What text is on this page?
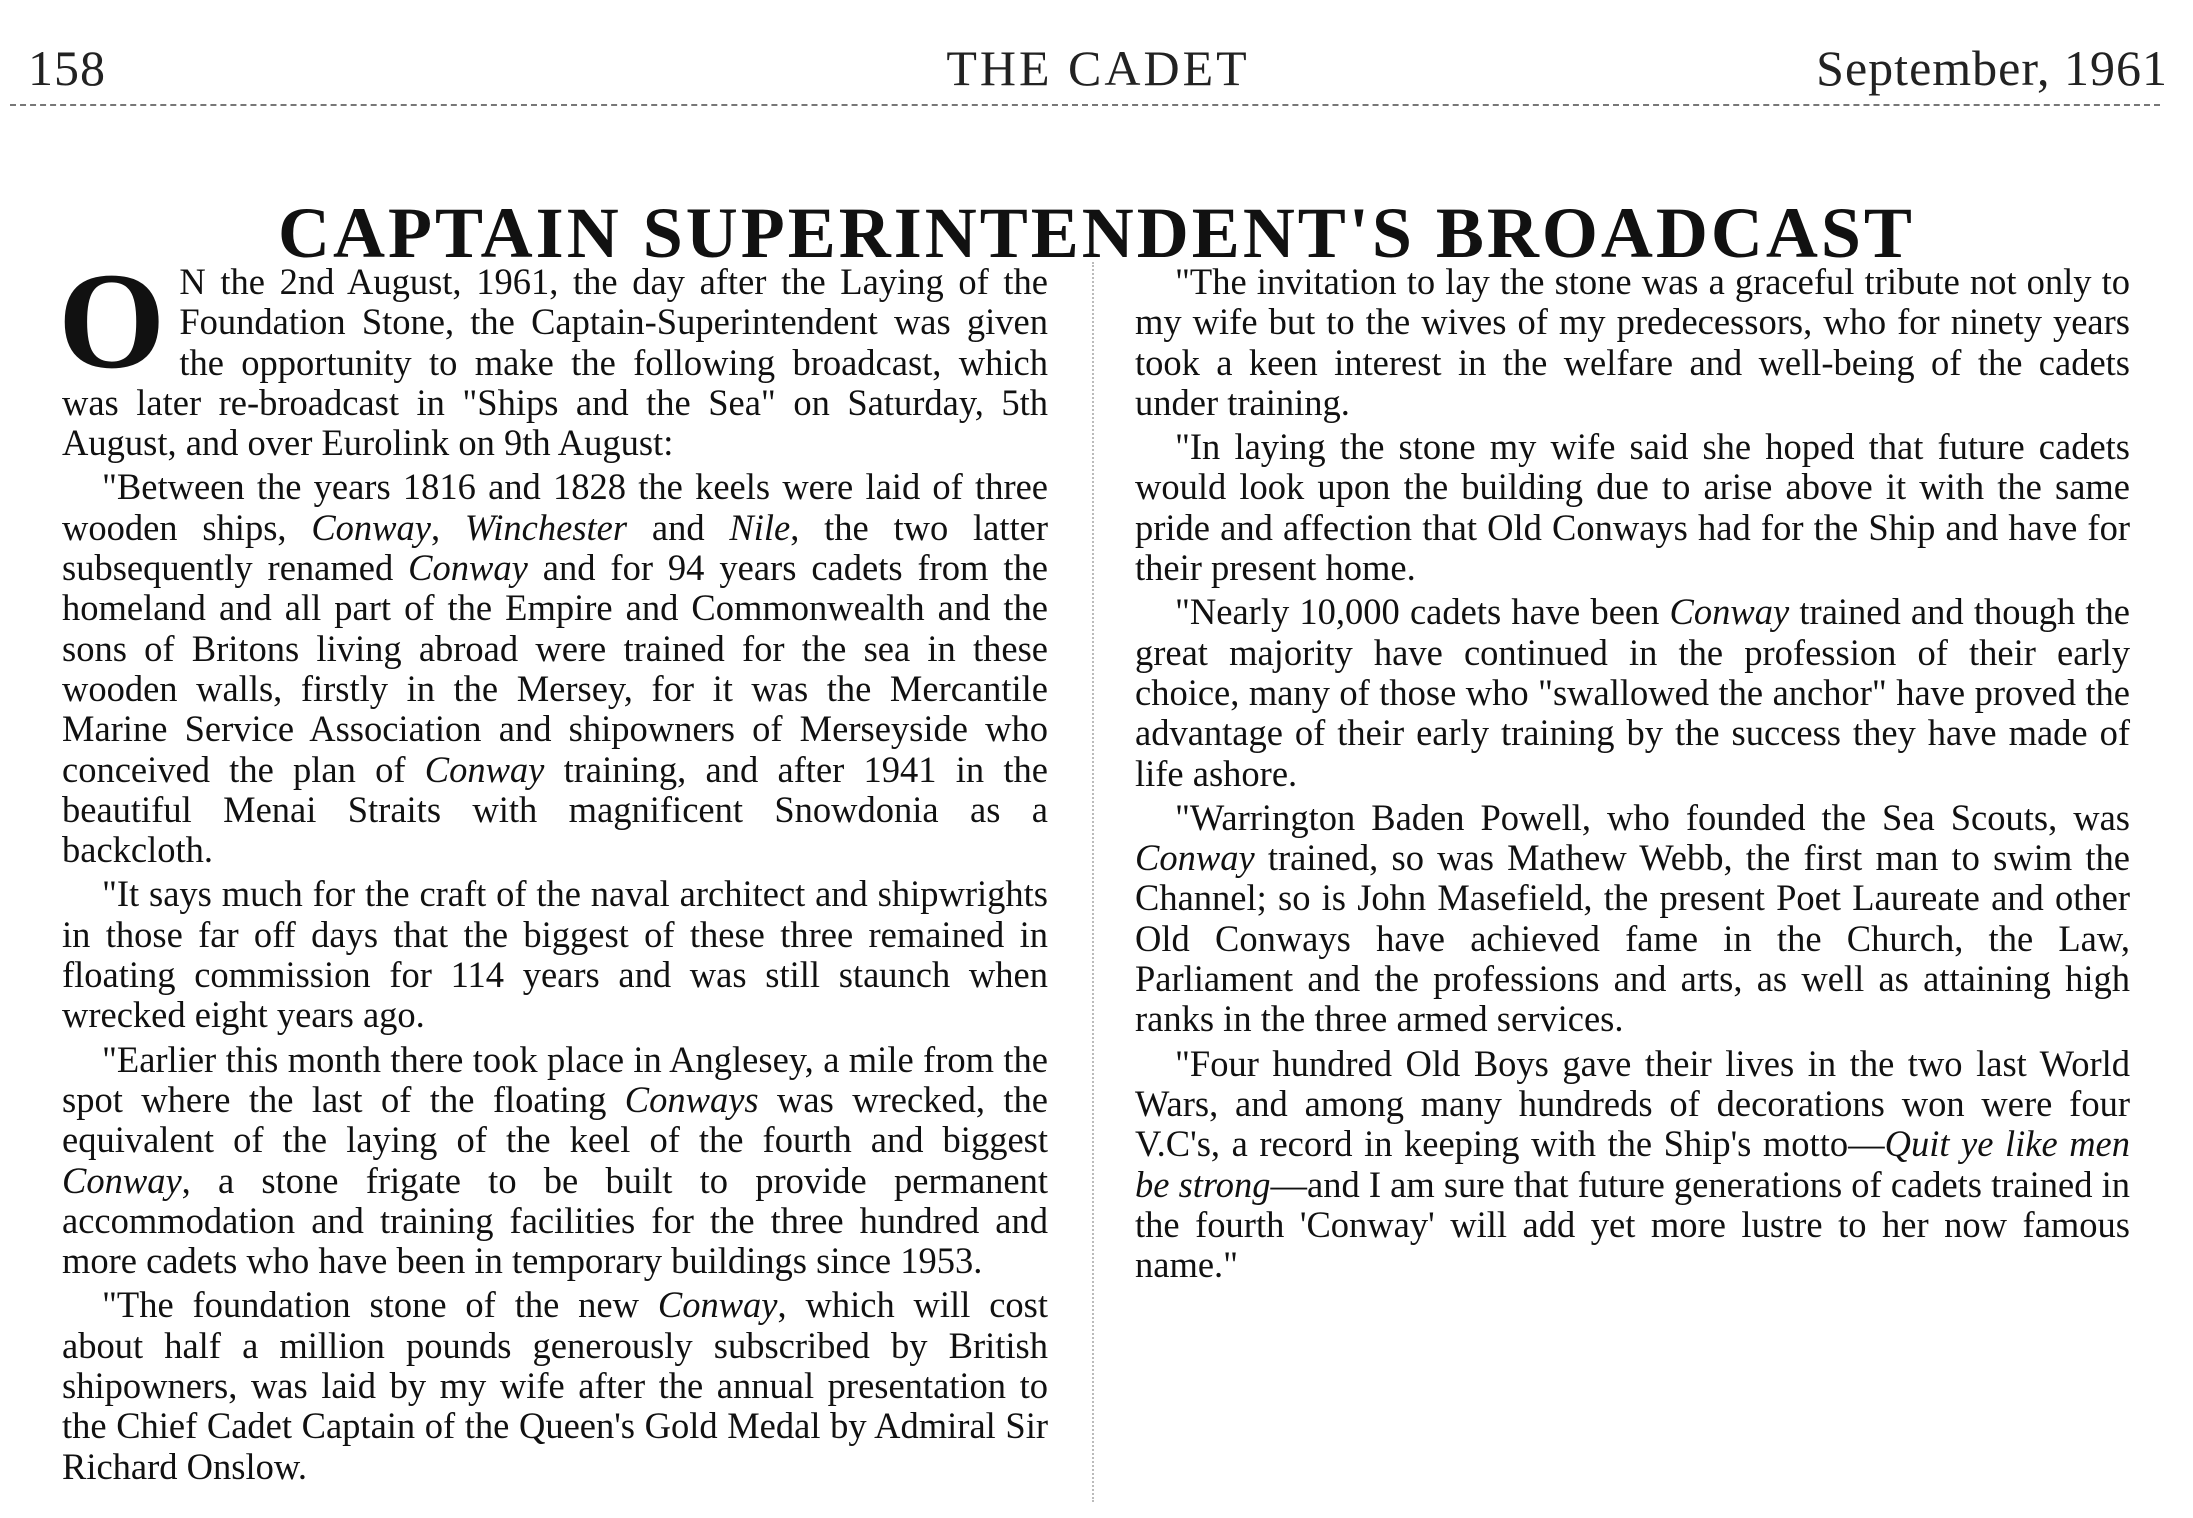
158	THE CADET	September, 1961
CAPTAIN SUPERINTENDENT'S BROADCAST

O N the 2nd August, 1961, the day after the Laying of the Foundation Stone, the Captain-Superintendent was given the opportunity to make the following broadcast, which was later re-broadcast in "Ships and the Sea" on Saturday, 5th August, and over Eurolink on 9th August:

"Between the years 1816 and 1828 the keels were laid of three wooden ships, Conway, Winchester and Nile, the two latter subsequently renamed Conway and for 94 years cadets from the homeland and all part of the Empire and Commonwealth and the sons of Britons living abroad were trained for the sea in these wooden walls, firstly in the Mersey, for it was the Mercantile Marine Service Association and shipowners of Merseyside who conceived the plan of Conway training, and after 1941 in the beautiful Menai Straits with magnificent Snowdonia as a backcloth.

"It says much for the craft of the naval architect and shipwrights in those far off days that the biggest of these three remained in floating commission for 114 years and was still staunch when wrecked eight years ago.

"Earlier this month there took place in Anglesey, a mile from the spot where the last of the floating Conways was wrecked, the equivalent of the laying of the keel of the fourth and biggest Conway, a stone frigate to be built to provide permanent accommodation and training facilities for the three hundred and more cadets who have been in temporary buildings since 1953.

"The foundation stone of the new Conway, which will cost about half a million pounds generously subscribed by British shipowners, was laid by my wife after the annual presentation to the Chief Cadet Captain of the Queen's Gold Medal by Admiral Sir Richard Onslow.

"The invitation to lay the stone was a graceful tribute not only to my wife but to the wives of my predecessors, who for ninety years took a keen interest in the welfare and well-being of the cadets under training.

"In laying the stone my wife said she hoped that future cadets would look upon the building due to arise above it with the same pride and affection that Old Conways had for the Ship and have for their present home.

"Nearly 10,000 cadets have been Conway trained and though the great majority have continued in the profession of their early choice, many of those who "swallowed the anchor" have proved the advantage of their early training by the success they have made of life ashore.

"Warrington Baden Powell, who founded the Sea Scouts, was Conway trained, so was Mathew Webb, the first man to swim the Channel; so is John Masefield, the present Poet Laureate and other Old Conways have achieved fame in the Church, the Law, Parliament and the professions and arts, as well as attaining high ranks in the three armed services.

"Four hundred Old Boys gave their lives in the two last World Wars, and among many hundreds of decorations won were four V.C's, a record in keeping with the Ship's motto—Quit ye like men be strong—and I am sure that future generations of cadets trained in the fourth 'Conway' will add yet more lustre to her now famous name."
